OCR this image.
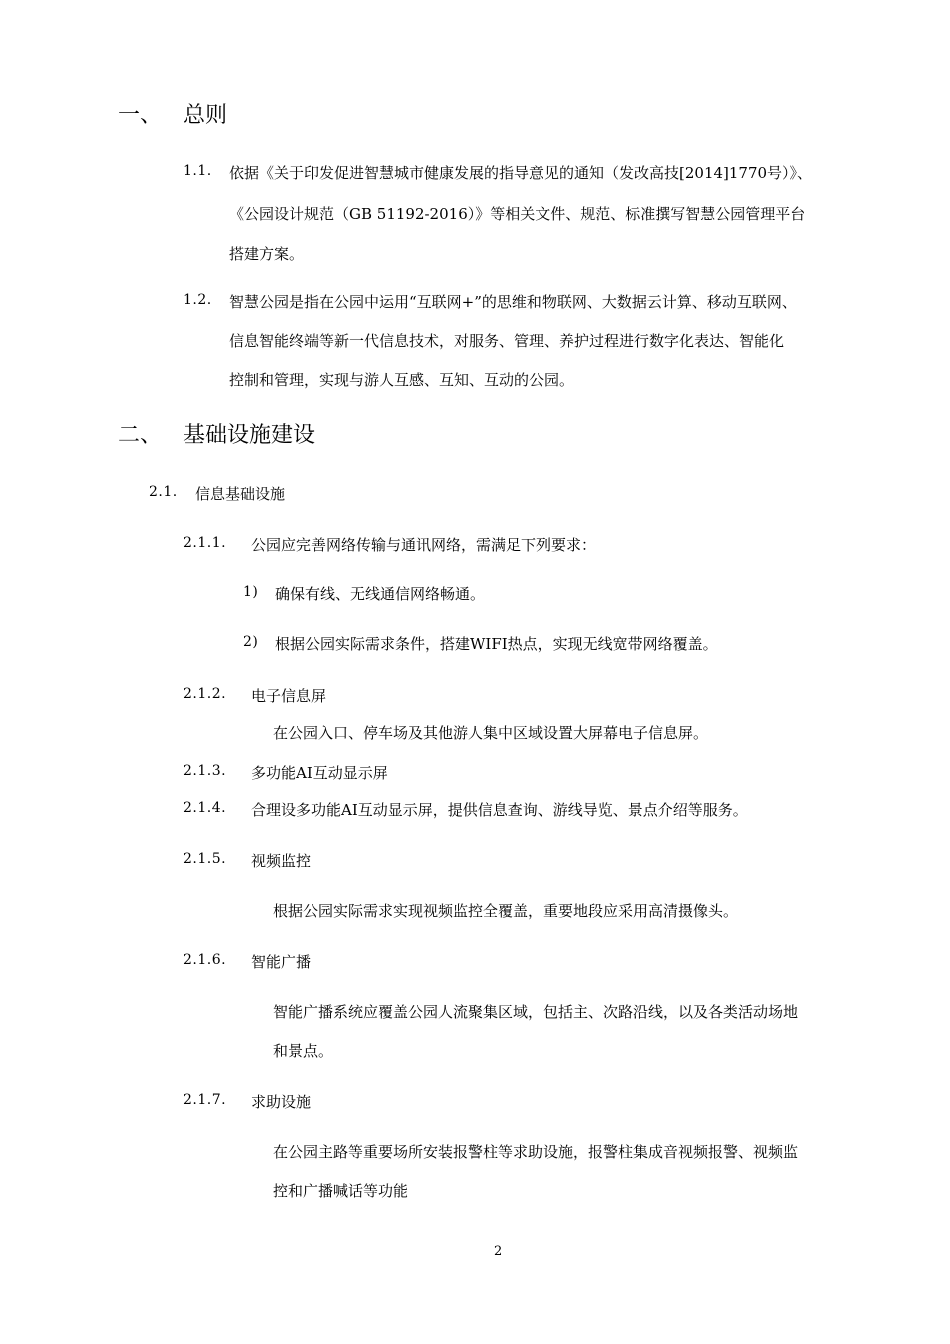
一、 总则
1.1. 依据《关于印发促进智慧城市健康发展的指导意见的通知（发改高技[2014]1770号）》、
《公园设计规范（GB 51192-2016）》等相关文件、规范、标准撰写智慧公园管理平台
搭建方案。
1.2. 智慧公园是指在公园中运用“互联网+”的思维和物联网、大数据云计算、移动互联网、
信息智能终端等新一代信息技术，对服务、管理、养护过程进行数字化表达、智能化
控制和管理，实现与游人互感、互知、互动的公园。
二、 基础设施建设
2.1. 信息基础设施
2.1.1. 公园应完善网络传输与通讯网络，需满足下列要求：
1) 确保有线、无线通信网络畅通。
2) 根据公园实际需求条件，搭建WIFI热点，实现无线宽带网络覆盖。
2.1.2. 电子信息屏
在公园入口、停车场及其他游人集中区域设置大屏幕电子信息屏。
2.1.3. 多功能AI互动显示屏
2.1.4. 合理设多功能AI互动显示屏，提供信息查询、游线导览、景点介绍等服务。
2.1.5. 视频监控
根据公园实际需求实现视频监控全覆盖，重要地段应采用高清摄像头。
2.1.6. 智能广播
智能广播系统应覆盖公园人流聚集区域，包括主、次路沿线，以及各类活动场地
和景点。
2.1.7. 求助设施
在公园主路等重要场所安装报警柱等求助设施，报警柱集成音视频报警、视频监
控和广播喊话等功能
2
